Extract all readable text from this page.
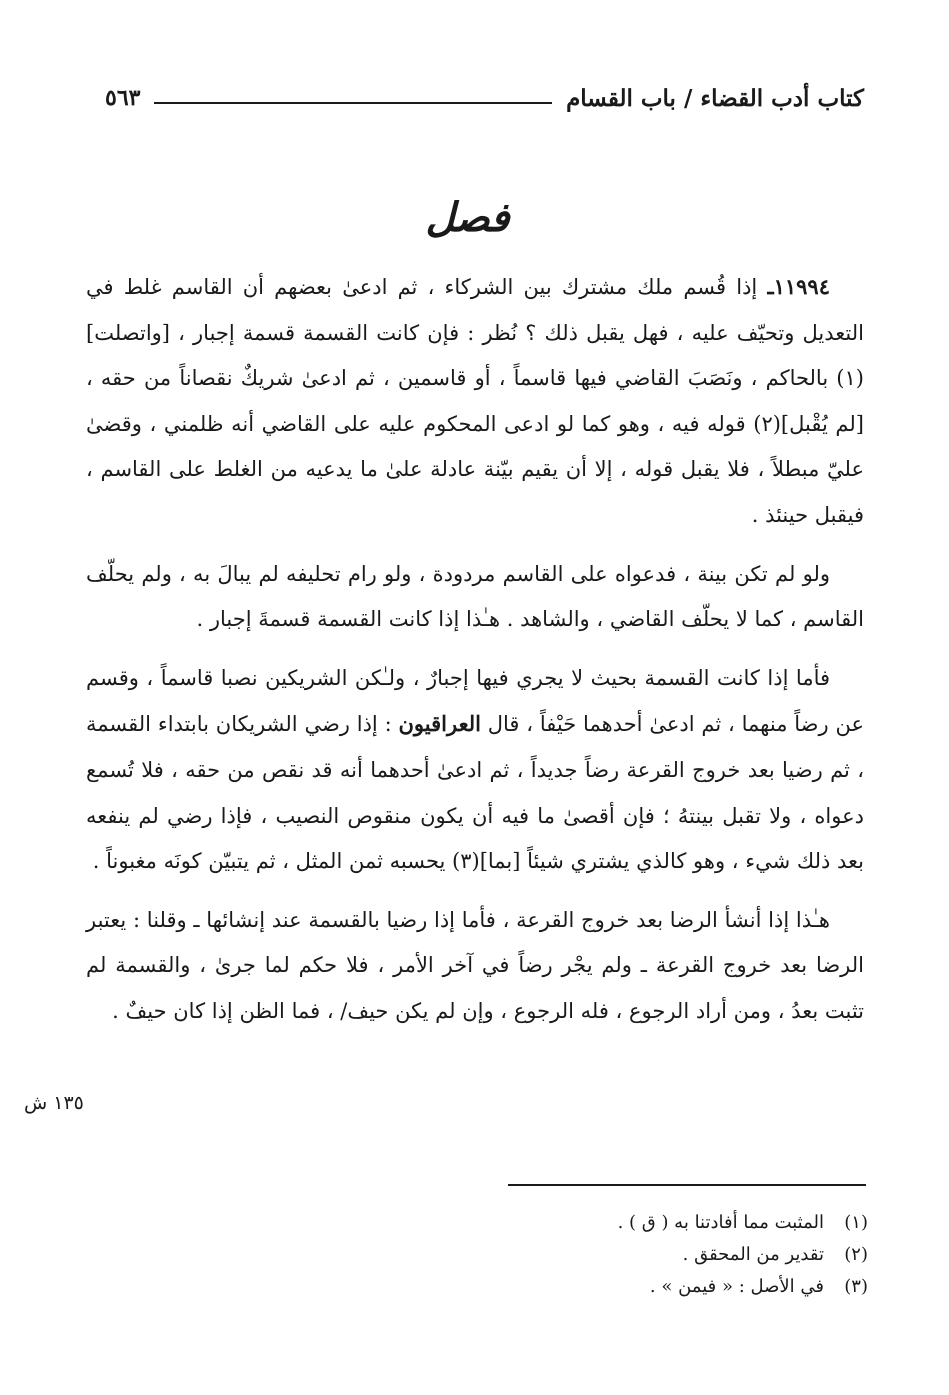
كتاب أدب القضاء / باب القسام
٥٦٣
فصل

١١٩٩٤ـ إذا قُسم ملك مشترك بين الشركاء ، ثم ادعىٰ بعضهم أن القاسم غلط في التعديل وتحيّف عليه ، فهل يقبل ذلك ؟ نُظر : فإن كانت القسمة قسمة إجبار ، [واتصلت](١) بالحاكم ، ونَصَبَ القاضي فيها قاسماً ، أو قاسمين ، ثم ادعىٰ شريكٌ نقصاناً من حقه ، [لم يُقْبل](٢) قوله فيه ، وهو كما لو ادعى المحكوم عليه على القاضي أنه ظلمني ، وقضىٰ عليّ مبطلاً ، فلا يقبل قوله ، إلا أن يقيم بيّنة عادلة علىٰ ما يدعيه من الغلط على القاسم ، فيقبل حينئذ .

ولو لم تكن بينة ، فدعواه على القاسم مردودة ، ولو رام تحليفه لم يبالَ به ، ولم يحلّف القاسم ، كما لا يحلّف القاضي ، والشاهد . هـٰذا إذا كانت القسمة قسمةَ إجبار .

فأما إذا كانت القسمة بحيث لا يجري فيها إجبارٌ ، ولـٰكن الشريكين نصبا قاسماً ، وقسم عن رضاً منهما ، ثم ادعىٰ أحدهما حَيْفاً ، قال العراقيون : إذا رضي الشريكان بابتداء القسمة ، ثم رضيا بعد خروج القرعة رضاً جديداً ، ثم ادعىٰ أحدهما أنه قد نقص من حقه ، فلا تُسمع دعواه ، ولا تقبل بينتهُ ؛ فإن أقصىٰ ما فيه أن يكون منقوص النصيب ، فإذا رضي لم ينفعه بعد ذلك شيء ، وهو كالذي يشتري شيئاً [بما](٣) يحسبه ثمن المثل ، ثم يتبيّن كونَه مغبوناً .

هـٰذا إذا أنشأ الرضا بعد خروج القرعة ، فأما إذا رضيا بالقسمة عند إنشائها ـ وقلنا : يعتبر الرضا بعد خروج القرعة ـ ولم يجْر رضاً في آخر الأمر ، فلا حكم لما جرىٰ ، والقسمة لم تثبت بعدُ ، ومن أراد الرجوع ، فله الرجوع ، وإن لم يكن حيف/ ، فما الظن إذا كان حيفٌ .

١٣٥ ش
(١)
المثبت مما أفادتنا به ( ق ) .
(٢)
تقدير من المحقق .
(٣)
في الأصل : « فيمن » .
